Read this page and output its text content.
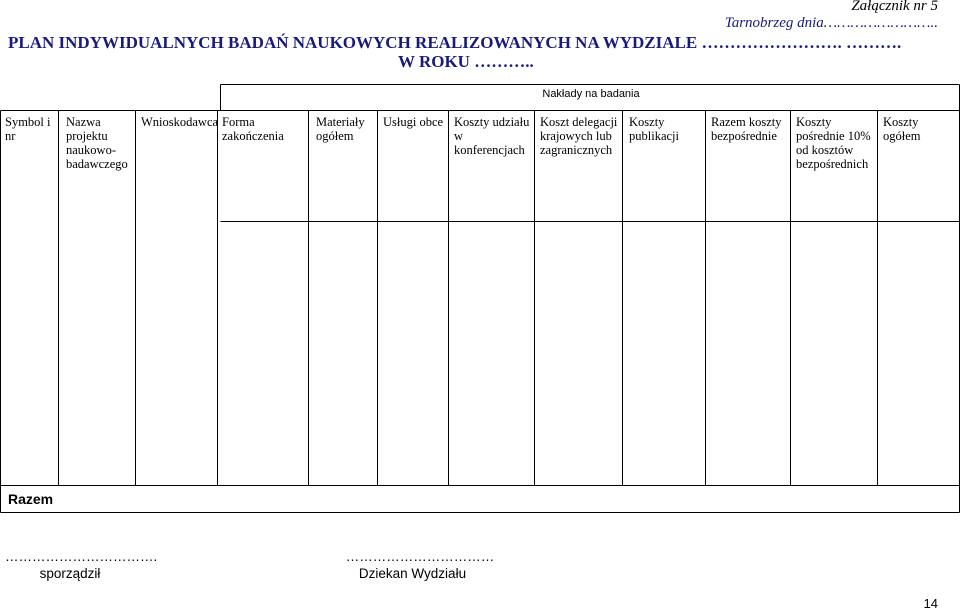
Załącznik nr 5
Tarnobrzeg dnia……………………..
PLAN INDYWIDUALNYCH BADAŃ NAUKOWYCH REALIZOWANYCH NA WYDZIALE ……………………. ……….
W ROKU ………..
Nakłady na badania
Symbol i nr
Nazwa projektu naukowo-badawczego
Wnioskodawca Forma zakończenia
Materiały ogółem
Usługi obce Koszty udziału w konferencjach
Koszt delegacji krajowych lub zagranicznych
Koszty publikacji
Razem koszty bezpośrednie
Koszty pośrednie 10% od kosztów bezpośrednich
Koszty ogółem
Razem
…………………………….
sporządził
……………………………
Dziekan Wydziału
14
